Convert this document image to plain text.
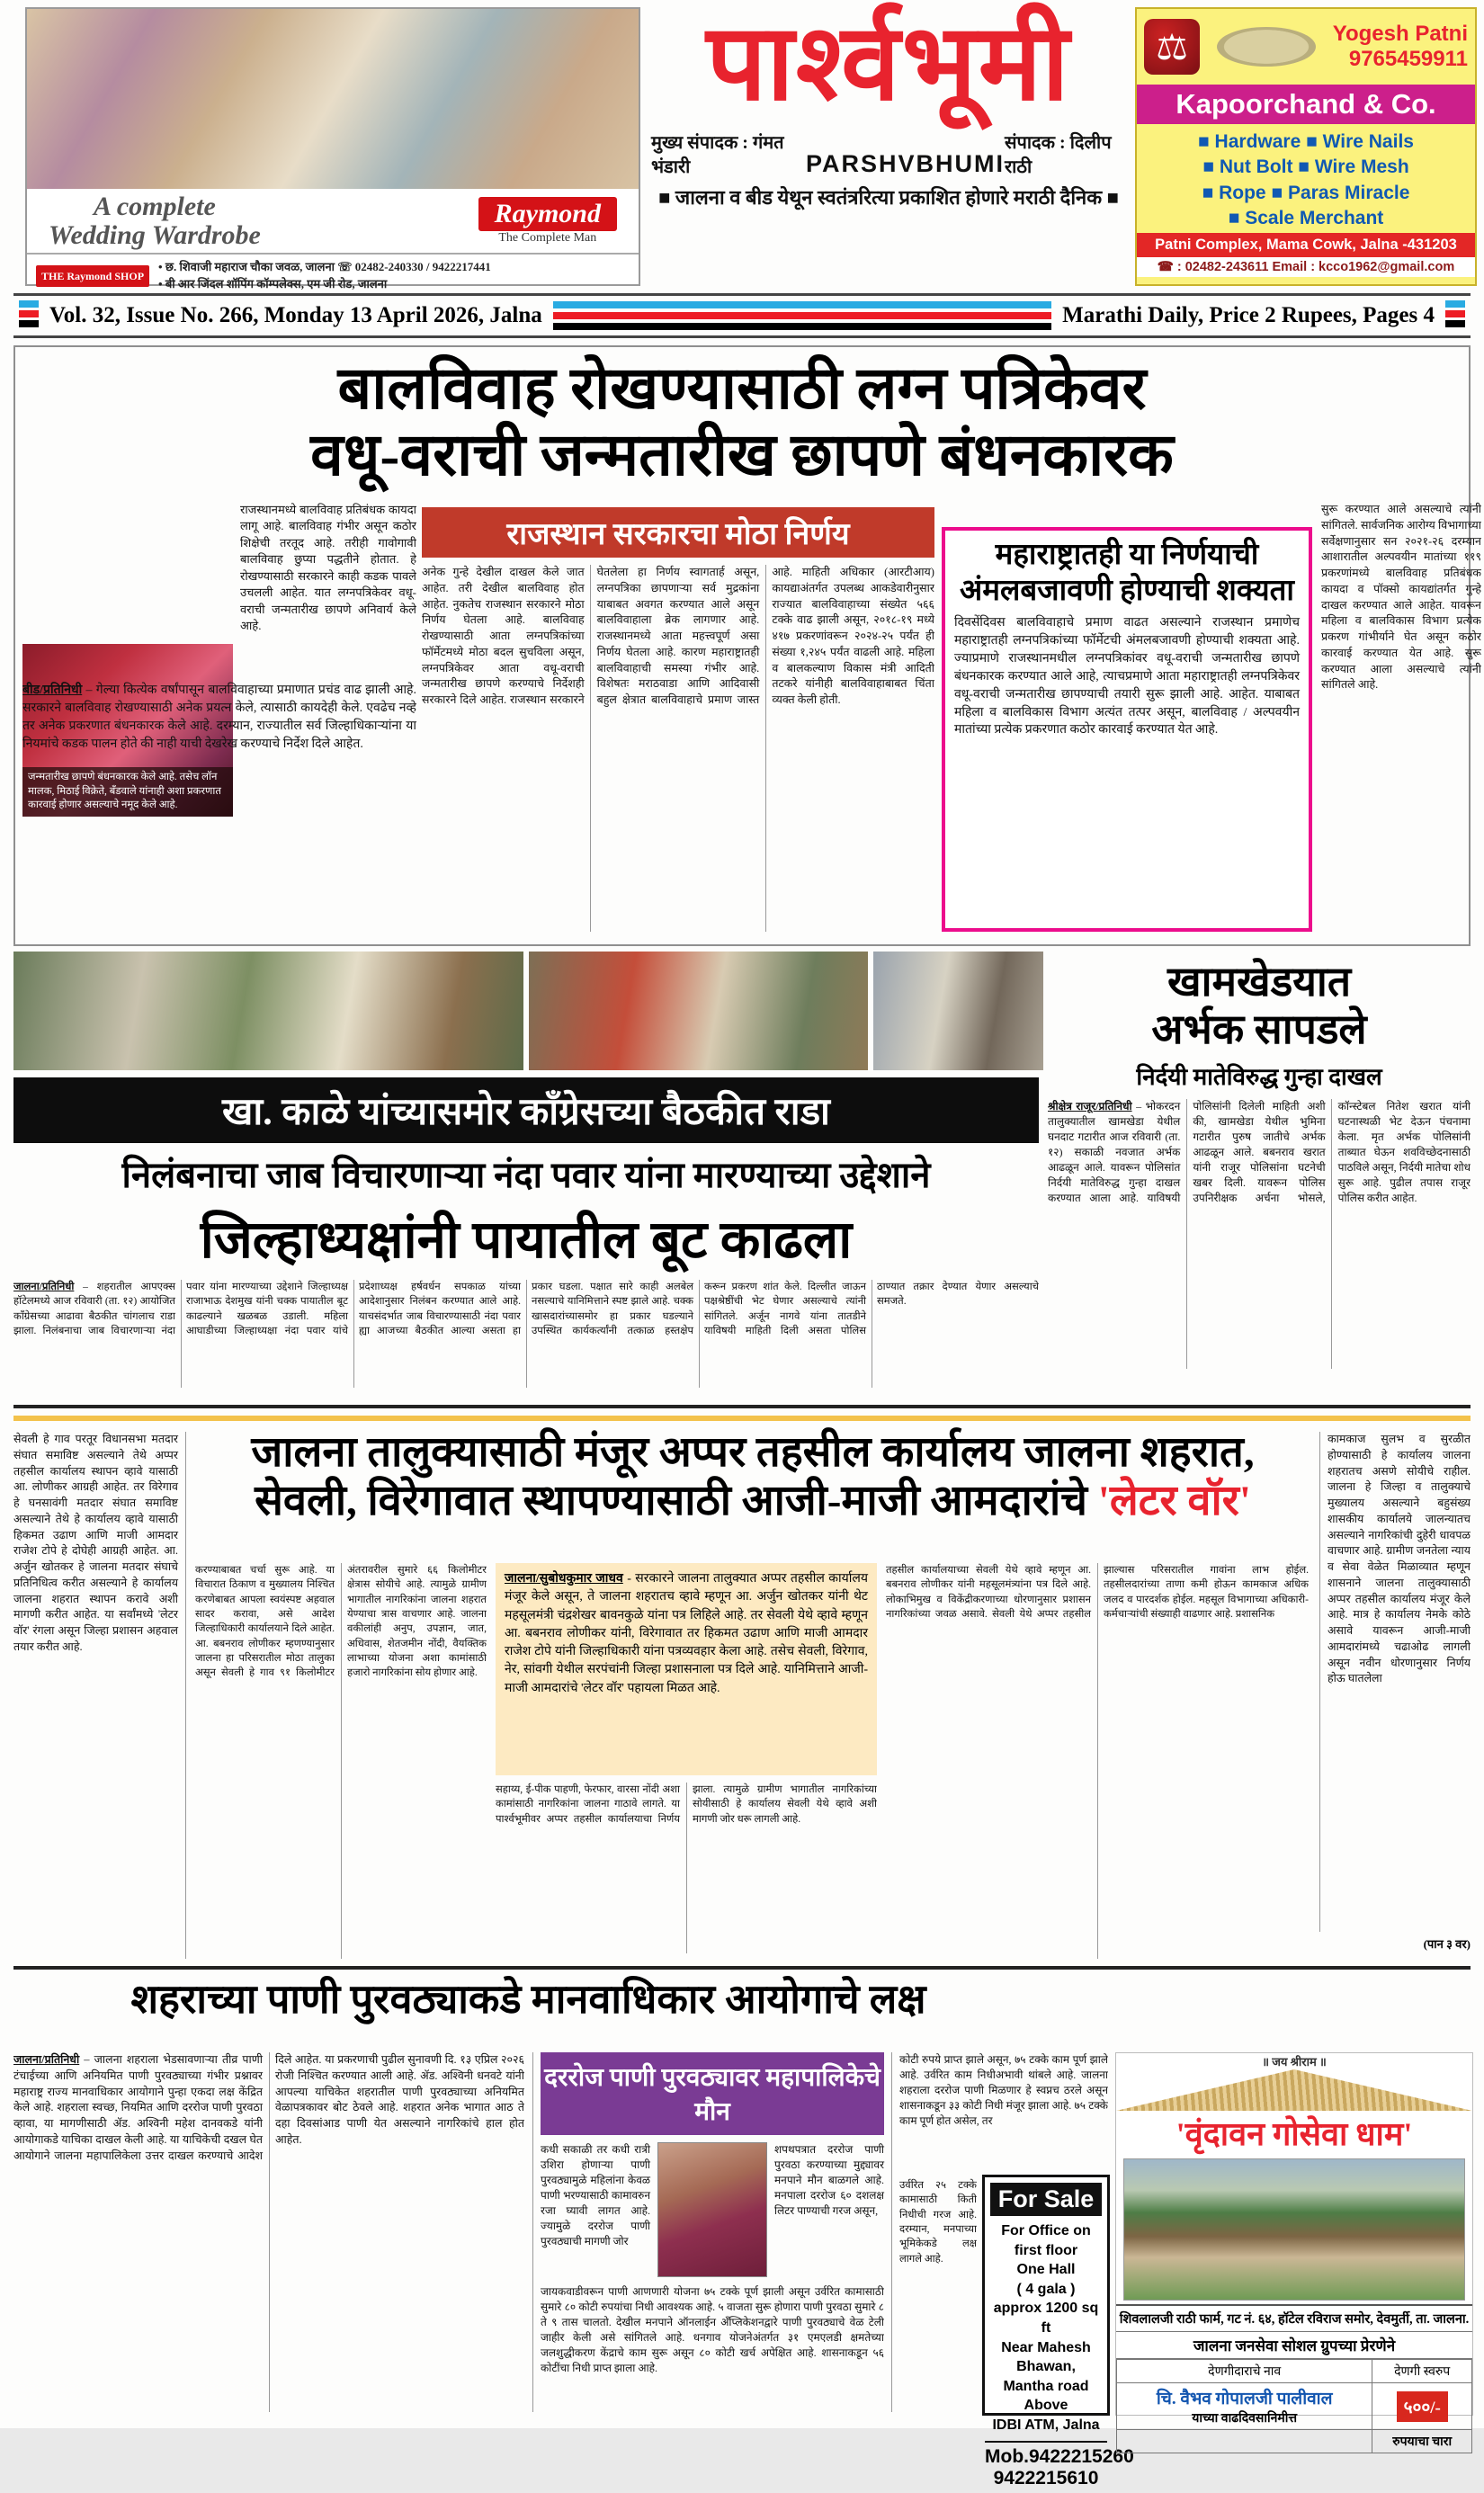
A complete
Wedding Wardrobe
Raymond
The Complete Man
THE Raymond SHOP
• छ. शिवाजी महाराज चौका जवळ, जालना ☏ 02482-240330 / 9422217441
• बी आर जिंदल शॉपिंग कॉम्पलेक्स, एम जी रोड, जालना
पार्श्वभूमी
मुख्य संपादक : गंमत भंडारी	PARSHVBHUMI
संपादक : दिलीप राठी
■ जालना व बीड येथून स्वतंत्ररित्या प्रकाशित होणारे मराठी दैनिक ■
⚖	Yogesh Patni
9765459911
Kapoorchand & Co.
■ Hardware ■ Wire Nails
■ Nut Bolt ■ Wire Mesh
■ Rope ■ Paras Miracle
■ Scale Merchant
Patni Complex, Mama Cowk, Jalna -431203
☎ : 02482-243611 Email : kcco1962@gmail.com
Vol. 32, Issue No. 266, Monday 13 April 2026, Jalna	Marathi Daily, Price 2 Rupees, Pages 4
बालविवाह रोखण्यासाठी लग्न पत्रिकेवर
वधू-वराची जन्मतारीख छापणे बंधनकारक
जन्मतारीख छापणे बंधनकारक केले आहे. तसेच लॉन मालक, मिठाई विक्रेते, बँडवाले यांनाही अशा प्रकरणात कारवाई होणार असल्याचे नमूद केले आहे.
राजस्थानमध्ये बालविवाह प्रतिबंधक कायदा लागू आहे. बालविवाह गंभीर असून कठोर शिक्षेची तरतूद आहे. तरीही गावोगावी बालविवाह छुप्या पद्धतीने होतात. हे रोखण्यासाठी सरकारने काही कडक पावले उचलली आहेत. यात लग्नपत्रिकेवर वधू-वराची जन्मतारीख छापणे अनिवार्य केले आहे.
बीड/प्रतिनिधी – गेल्या कित्येक वर्षांपासून बालविवाहाच्या प्रमाणात प्रचंड वाढ झाली आहे. सरकारने बालविवाह रोखण्यासाठी अनेक प्रयत्न केले, त्यासाठी कायदेही केले. एवढेच नव्हे तर अनेक प्रकरणात बंधनकारक केले आहे. दरम्यान, राज्यातील सर्व जिल्हाधिकाऱ्यांना या नियमांचे कडक पालन होते की नाही याची देखरेख करण्याचे निर्देश दिले आहेत.
राजस्थान सरकारचा मोठा निर्णय
अनेक गुन्हे देखील दाखल केले जात आहेत. तरी देखील बालविवाह होत आहेत. नुकतेच राजस्थान सरकारने मोठा निर्णय घेतला आहे. बालविवाह रोखण्यासाठी आता लग्नपत्रिकांच्या फॉर्मेटमध्ये मोठा बदल सुचविला असून, लग्नपत्रिकेवर आता वधू-वराची जन्मतारीख छापणे करण्याचे निर्देशही सरकारने दिले आहेत. राजस्थान सरकारने घेतलेला हा निर्णय स्वागतार्ह असून, लग्नपत्रिका छापणाऱ्या सर्व मुद्रकांना याबाबत अवगत करण्यात आले असून बालविवाहाला ब्रेक लागणार आहे. राजस्थानमध्ये आता महत्त्वपूर्ण असा निर्णय घेतला आहे. कारण महाराष्ट्रातही बालविवाहाची समस्या गंभीर आहे. विशेषतः मराठवाडा आणि आदिवासी बहुल क्षेत्रात बालविवाहाचे प्रमाण जास्त आहे. माहिती अधिकार (आरटीआय) कायद्याअंतर्गत उपलब्ध आकडेवारीनुसार राज्यात बालविवाहाच्या संख्येत ५६६ टक्के वाढ झाली असून, २०१८-१९ मध्ये ४१७ प्रकरणांवरून २०२४-२५ पर्यंत ही संख्या १,२४५ पर्यंत वाढली आहे. महिला व बालकल्याण विकास मंत्री आदिती तटकरे यांनीही बालविवाहाबाबत चिंता व्यक्त केली होती.
महाराष्ट्रातही या निर्णयाची
अंमलबजावणी होण्याची शक्यता
दिवसेंदिवस बालविवाहाचे प्रमाण वाढत असल्याने राजस्थान प्रमाणेच महाराष्ट्रातही लग्नपत्रिकांच्या फॉर्मेटची अंमलबजावणी होण्याची शक्यता आहे. ज्याप्रमाणे राजस्थानमधील लग्नपत्रिकांवर वधू-वराची जन्मतारीख छापणे बंधनकारक करण्यात आले आहे, त्याचप्रमाणे आता महाराष्ट्रातही लग्नपत्रिकेवर वधू-वराची जन्मतारीख छापण्याची तयारी सुरू झाली आहे. आहेत. याबाबत महिला व बालविकास विभाग अत्यंत तत्पर असून, बालविवाह / अल्पवयीन मातांच्या प्रत्येक प्रकरणात कठोर कारवाई करण्यात येत आहे.
सुरू करण्यात आले असल्याचे त्यांनी सांगितले. सार्वजनिक आरोग्य विभागाच्या सर्वेक्षणानुसार सन २०२१-२६ दरम्यान आशारातील अल्पवयीन मातांच्या ११९ प्रकरणांमध्ये बालविवाह प्रतिबंधक कायदा व पॉक्सो कायद्यांतर्गत गुन्हे दाखल करण्यात आले आहेत. यावरून महिला व बालविकास विभाग प्रत्येक प्रकरण गांभीर्याने घेत असून कठोर कारवाई करण्यात येत आहे. सुरू करण्यात आला असल्याचे त्यांनी सांगितले आहे.
खामखेडयात
अर्भक सापडले
निर्दयी मातेविरुद्ध गुन्हा दाखल
श्रीक्षेत्र राजूर/प्रतिनिधी – भोकरदन तालुक्यातील खामखेडा येथील घनदाट गटारीत आज रविवारी (ता. १२) सकाळी नवजात अर्भक आढळून आले. यावरून पोलिसांत निर्दयी मातेविरुद्ध गुन्हा दाखल करण्यात आला आहे. याविषयी पोलिसांनी दिलेली माहिती अशी की, खामखेडा येथील भुमिना गटारीत पुरुष जातीचे अर्भक आढळून आले. बबनराव खरात यांनी राजूर पोलिसांना घटनेची खबर दिली. यावरून पोलिस उपनिरीक्षक अर्चना भोसले, कॉन्स्टेबल नितेश खरात यांनी घटनास्थळी भेट देऊन पंचनामा केला. मृत अर्भक पोलिसांनी ताब्यात घेऊन शवविच्छेदनासाठी पाठविले असून, निर्दयी मातेचा शोध सुरू आहे. पुढील तपास राजूर पोलिस करीत आहेत.
खा. काळे यांच्यासमोर काँग्रेसच्या बैठकीत राडा
निलंबनाचा जाब विचारणाऱ्या नंदा पवार यांना मारण्याच्या उद्देशाने
जिल्हाध्यक्षांनी पायातील बूट काढला
जालना/प्रतिनिधी – शहरातील आपएक्स हॉटेलमध्ये आज रविवारी (ता. १२) आयोजित काँग्रेसच्या आढावा बैठकीत चांगलाच राडा झाला. निलंबनाचा जाब विचारणाऱ्या नंदा पवार यांना मारण्याच्या उद्देशाने जिल्हाध्यक्ष राजाभाऊ देशमुख यांनी चक्क पायातील बूट काढल्याने खळबळ उडाली. महिला आघाडीच्या जिल्हाध्यक्षा नंदा पवार यांचे प्रदेशाध्यक्ष हर्षवर्धन सपकाळ यांच्या आदेशानुसार निलंबन करण्यात आले आहे. याचसंदर्भात जाब विचारण्यासाठी नंदा पवार ह्या आजच्या बैठकीत आल्या असता हा प्रकार घडला. पक्षात सारे काही अलबेल नसल्याचे यानिमित्ताने स्पष्ट झाले आहे. चक्क खासदारांच्यासमोर हा प्रकार घडल्याने उपस्थित कार्यकर्त्यांनी तत्काळ हस्तक्षेप करून प्रकरण शांत केले. दिल्लीत जाऊन पक्षश्रेष्ठींची भेट घेणार असल्याचे त्यांनी सांगितले. अर्जून नागवे यांना तातडीने याविषयी माहिती दिली असता पोलिस ठाण्यात तक्रार देण्यात येणार असल्याचे समजते.
सेवली हे गाव परतूर विधानसभा मतदार संघात समाविष्ट असल्याने तेथे अप्पर तहसील कार्यालय स्थापन व्हावे यासाठी आ. लोणीकर आग्रही आहेत. तर विरेगाव हे घनसावंगी मतदार संघात समाविष्ट असल्याने तेथे हे कार्यालय व्हावे यासाठी हिकमत उढाण आणि माजी आमदार राजेश टोपे हे दोघेही आग्रही आहेत. आ. अर्जुन खोतकर हे जालना मतदार संघाचे प्रतिनिधित्व करीत असल्याने हे कार्यालय जालना शहरात स्थापन करावे अशी मागणी करीत आहेत. या सर्वांमध्ये 'लेटर वॉर' रंगला असून जिल्हा प्रशासन अहवाल तयार करीत आहे.
जालना तालुक्यासाठी मंजूर अप्पर तहसील कार्यालय जालना शहरात,
सेवली, विरेगावात स्थापण्यासाठी आजी-माजी आमदारांचे 'लेटर वॉर'
करण्याबाबत चर्चा सुरू आहे. या विचारात ठिकाण व मुख्यालय निश्चित करणेबाबत आपला स्वयंस्पष्ट अहवाल सादर करावा, असे आदेश जिल्हाधिकारी कार्यालयाने दिले आहेत. आ. बबनराव लोणीकर म्हणण्यानुसार जालना हा परिसरातील मोठा तालुका असून सेवली हे गाव ९१ किलोमीटर अंतरावरील सुमारे ६६ किलोमीटर क्षेत्रास सोयीचे आहे. त्यामुळे ग्रामीण भागातील नागरिकांना जालना शहरात येण्याचा त्रास वाचणार आहे. जालना वकीलांही अनुप, उपज्ञान, जात, अधिवास, शेतजमीन नोंदी, वैयक्तिक लाभाच्या योजना अशा कामांसाठी हजारो नागरिकांना सोय होणार आहे.
जालना/सुबोधकुमार जाधव - सरकारने जालना तालुक्यात अप्पर तहसील कार्यालय मंजूर केले असून, ते जालना शहरातच व्हावे म्हणून आ. अर्जुन खोतकर यांनी थेट महसूलमंत्री चंद्रशेखर बावनकुळे यांना पत्र लिहिले आहे. तर सेवली येथे व्हावे म्हणून आ. बबनराव लोणीकर यांनी, विरेगावात तर हिकमत उढाण आणि माजी आमदार राजेश टोपे यांनी जिल्हाधिकारी यांना पत्रव्यवहार केला आहे. तसेच सेवली, विरेगाव, नेर, सांवगी येथील सरपंचांनी जिल्हा प्रशासनाला पत्र दिले आहे. यानिमित्ताने आजी-माजी आमदारांचे 'लेटर वॉर' पहायला मिळत आहे.
सहाय्य, ई-पीक पाहणी, फेरफार, वारसा नोंदी अशा कामांसाठी नागरिकांना जालना गाठावे लागते. या पार्श्वभूमीवर अप्पर तहसील कार्यालयाचा निर्णय झाला. त्यामुळे ग्रामीण भागातील नागरिकांच्या सोयीसाठी हे कार्यालय सेवली येथे व्हावे अशी मागणी जोर धरू लागली आहे.
तहसील कार्यालयाच्या सेवली येथे व्हावे म्हणून आ. बबनराव लोणीकर यांनी महसूलमंत्र्यांना पत्र दिले आहे. लोकाभिमुख व विकेंद्रीकरणाच्या धोरणानुसार प्रशासन नागरिकांच्या जवळ असावे. सेवली येथे अप्पर तहसील झाल्यास परिसरातील गावांना लाभ होईल. तहसीलदारांच्या ताणा कमी होऊन कामकाज अधिक जलद व पारदर्शक होईल. महसूल विभागाच्या अधिकारी-कर्मचाऱ्यांची संख्याही वाढणार आहे. प्रशासनिक
कामकाज सुलभ व सुरळीत होण्यासाठी हे कार्यालय जालना शहरातच असणे सोयीचे राहील. जालना हे जिल्हा व तालुक्याचे मुख्यालय असल्याने बहुसंख्य शासकीय कार्यालये जालन्यातच असल्याने नागरिकांची दुहेरी धावपळ वाचणार आहे. ग्रामीण जनतेला न्याय व सेवा वेळेत मिळाव्यात म्हणून शासनाने जालना तालुक्यासाठी अप्पर तहसील कार्यालय मंजूर केले आहे. मात्र हे कार्यालय नेमके कोठे असावे यावरून आजी-माजी आमदारांमध्ये चढाओढ लागली असून नवीन धोरणानुसार निर्णय होऊ घातलेला
(पान ३ वर)
शहराच्या पाणी पुरवठ्याकडे मानवाधिकार आयोगाचे लक्ष
जालना/प्रतिनिधी – जालना शहराला भेडसावणाऱ्या तीव्र पाणी टंचाईच्या आणि अनियमित पाणी पुरवठ्याच्या गंभीर प्रश्नावर महाराष्ट्र राज्य मानवाधिकार आयोगाने पुन्हा एकदा लक्ष केंद्रित केले आहे. शहराला स्वच्छ, नियमित आणि दररोज पाणी पुरवठा व्हावा, या मागणीसाठी ॲड. अश्विनी महेश दानवकडे यांनी आयोगाकडे याचिका दाखल केली आहे. या याचिकेची दखल घेत आयोगाने जालना महापालिकेला उत्तर दाखल करण्याचे आदेश दिले आहेत. या प्रकरणाची पुढील सुनावणी दि. १३ एप्रिल २०२६ रोजी निश्चित करण्यात आली आहे. ॲड. अश्विनी धनवटे यांनी आपल्या याचिकेत शहरातील पाणी पुरवठ्याच्या अनियमित वेळापत्रकावर बोट ठेवले आहे. शहरात अनेक भागात आठ ते दहा दिवसांआड पाणी येत असल्याने नागरिकांचे हाल होत आहेत.
दररोज पाणी पुरवठ्यावर महापालिकेचे मौन
कधी सकाळी तर कधी रात्री उशिरा होणाऱ्या पाणी पुरवठ्यामुळे महिलांना केवळ पाणी भरण्यासाठी कामावरुन रजा घ्यावी लागत आहे. ज्यामुळे दररोज पाणी पुरवठ्याची मागणी जोर
शपथपत्रात दररोज पाणी पुरवठा करण्याच्या मुद्द्यावर मनपाने मौन बाळगले आहे. मनपाला दररोज ६० दशलक्ष लिटर पाण्याची गरज असून,
जायकवाडीवरून पाणी आणणारी योजना ७५ टक्के पूर्ण झाली असून उर्वरित कामासाठी सुमारे ८० कोटी रुपयांचा निधी आवश्यक आहे. ५ वाजता सुरू होणारा पाणी पुरवठा सुमारे ८ ते ९ तास चालतो. देखील मनपाने ऑनलाईन अँप्लिकेशनद्वारे पाणी पुरवठ्याचे वेळ टेली जाहीर केली असे सांगितले आहे. धनगाव योजनेअंतर्गत ३१ एमएलडी क्षमतेच्या जलशुद्धीकरण केंद्राचे काम सुरू असून ८० कोटी खर्च अपेक्षित आहे. शासनाकडून ५६ कोटींचा निधी प्राप्त झाला आहे.
कोटी रुपये प्राप्त झाले असून, ७५ टक्के काम पूर्ण झाले आहे. उर्वरित काम निधीअभावी थांबले आहे. जालना शहराला दररोज पाणी मिळणार हे स्वप्नच ठरले असून शासनाकडून ३३ कोटी निधी मंजूर झाला आहे. ७५ टक्के काम पूर्ण होत असेल, तर
उर्वरित २५ टक्के कामासाठी किती निधीची गरज आहे. दरम्यान, मनपाच्या भूमिकेकडे लक्ष लागले आहे.
For Sale
For Office on first floor
One Hall
( 4 gala )
approx 1200 sq ft
Near Mahesh Bhawan,
Mantha road Above
IDBI ATM, Jalna
Mob.9422215260
9422215610
॥ जय श्रीराम ॥
'वृंदावन गोसेवा धाम'
शिवलालजी राठी फार्म, गट नं. ६४, हॉटेल रविराज समोर, देवमुर्ती, ता. जालना.
जालना जनसेवा सोशल ग्रुपच्या प्रेरणेने
देणगीदाराचे नाव	देणगी स्वरुप

चि. वैभव गोपालजी पालीवाल
याच्या वाढदिवसानिमीत्त	५००/-
	रुपयाचा चारा
